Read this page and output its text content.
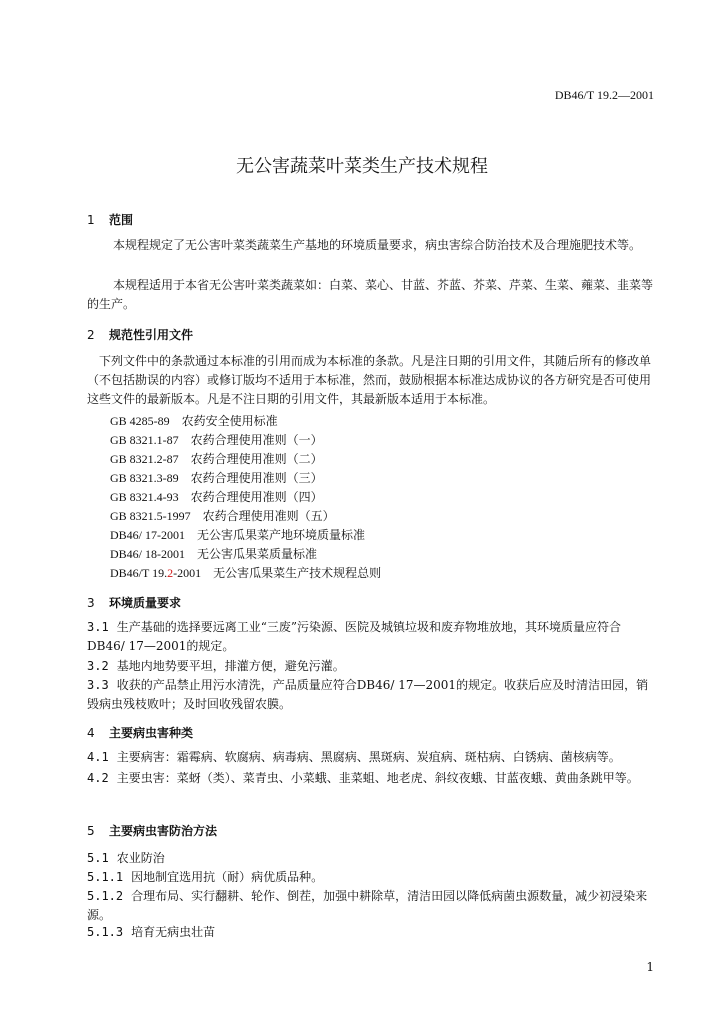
DB46/T 19.2—2001
无公害蔬菜叶菜类生产技术规程
1 范围
本规程规定了无公害叶菜类蔬菜生产基地的环境质量要求，病虫害综合防治技术及合理施肥技术等。
本规程适用于本省无公害叶菜类蔬菜如：白菜、菜心、甘蓝、芥蓝、芥菜、芹菜、生菜、蕹菜、韭菜等的生产。
2 规范性引用文件
下列文件中的条款通过本标准的引用而成为本标准的条款。凡是注日期的引用文件，其随后所有的修改单（不包括勘误的内容）或修订版均不适用于本标准，然而，鼓励根据本标准达成协议的各方研究是否可使用这些文件的最新版本。凡是不注日期的引用文件，其最新版本适用于本标准。
GB 4285-89 农药安全使用标准
GB 8321.1-87 农药合理使用准则（一）
GB 8321.2-87 农药合理使用准则（二）
GB 8321.3-89 农药合理使用准则（三）
GB 8321.4-93 农药合理使用准则（四）
GB 8321.5-1997 农药合理使用准则（五）
DB46/ 17-2001 无公害瓜果菜产地环境质量标准
DB46/ 18-2001 无公害瓜果菜质量标准
DB46/T 19.2-2001 无公害瓜果菜生产技术规程总则
3 环境质量要求
3.1 生产基础的选择要远离工业“三废”污染源、医院及城镇垃圾和废弃物堆放地，其环境质量应符合DB46/ 17—2001的规定。
3.2 基地内地势要平坦，排灌方便，避免污灌。
3.3 收获的产品禁止用污水清洗，产品质量应符合DB46/ 17—2001的规定。收获后应及时清洁田园，销毁病虫残枝败叶；及时回收残留农膜。
4 主要病虫害种类
4.1 主要病害：霜霉病、软腐病、病毒病、黑腐病、黑斑病、炭疽病、斑枯病、白锈病、菌核病等。
4.2 主要虫害：菜蚜（类）、菜青虫、小菜蛾、韭菜蛆、地老虎、斜纹夜蛾、甘蓝夜蛾、黄曲条跳甲等。
5 主要病虫害防治方法
5.1 农业防治
5.1.1 因地制宜选用抗（耐）病优质品种。
5.1.2 合理布局、实行翻耕、轮作、倒茬，加强中耕除草，清洁田园以降低病菌虫源数量，减少初浸染来源。
5.1.3 培育无病虫壮苗
1
